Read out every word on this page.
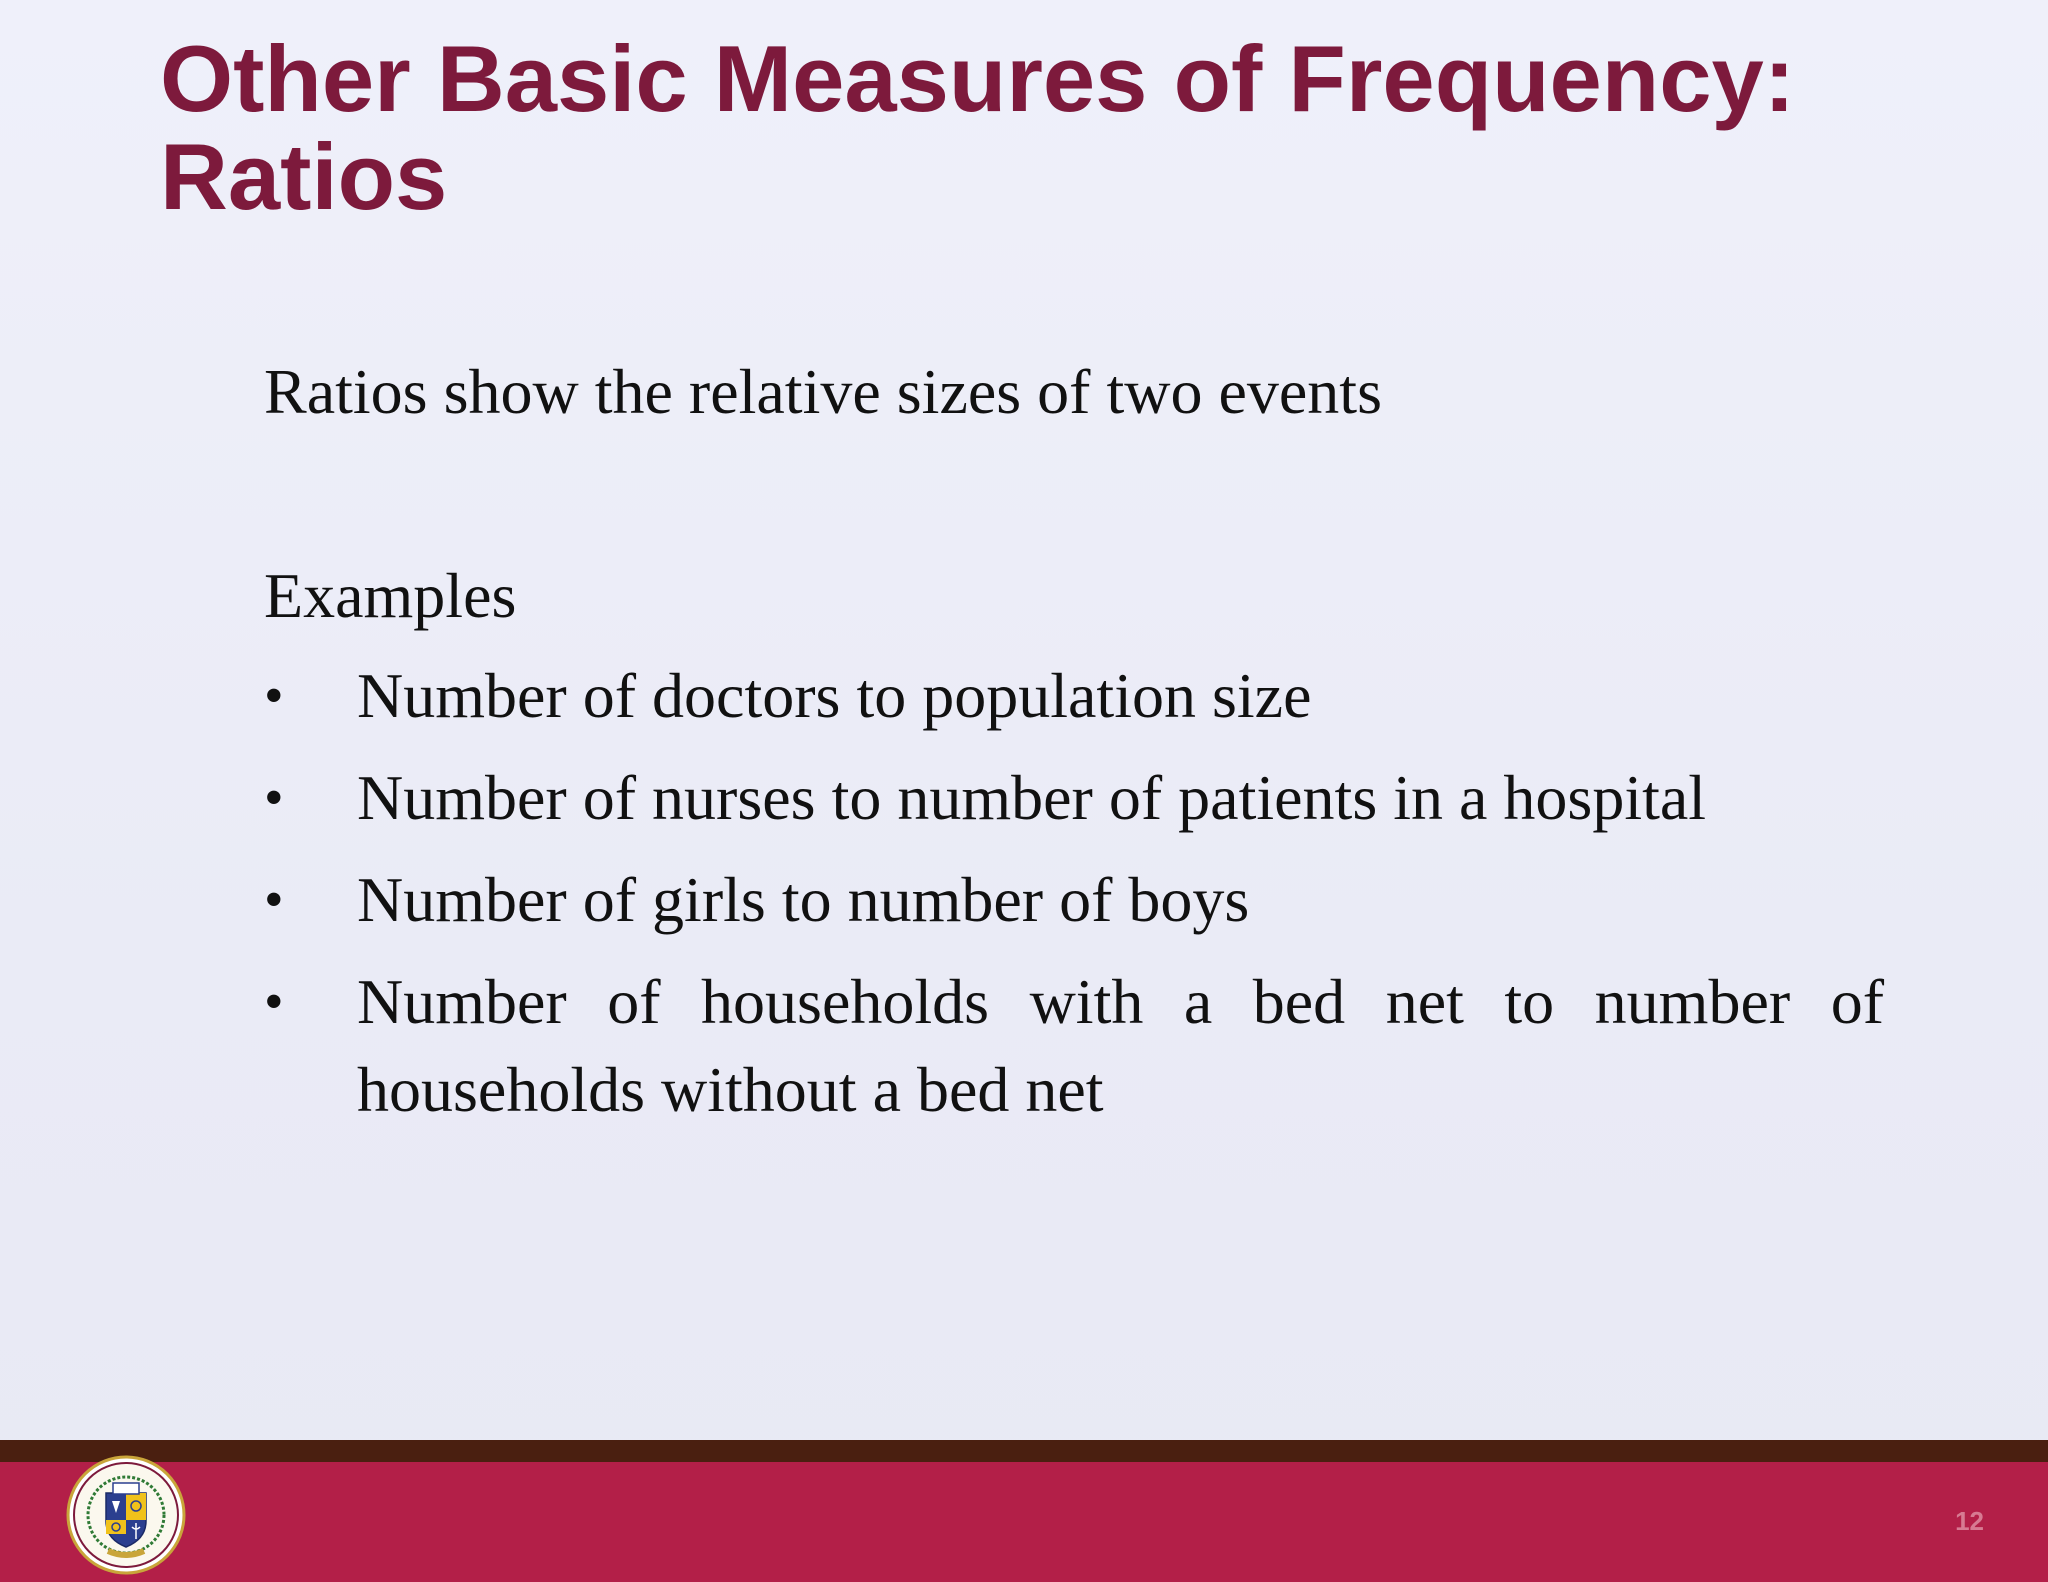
Other Basic Measures of Frequency:
Ratios
Ratios show the relative sizes of two events
Examples
•	Number of doctors to population size
•	Number of nurses to number of patients in a hospital
•	Number of girls to number of boys
•	Number of households with a bed net to number of households without a bed net
12
